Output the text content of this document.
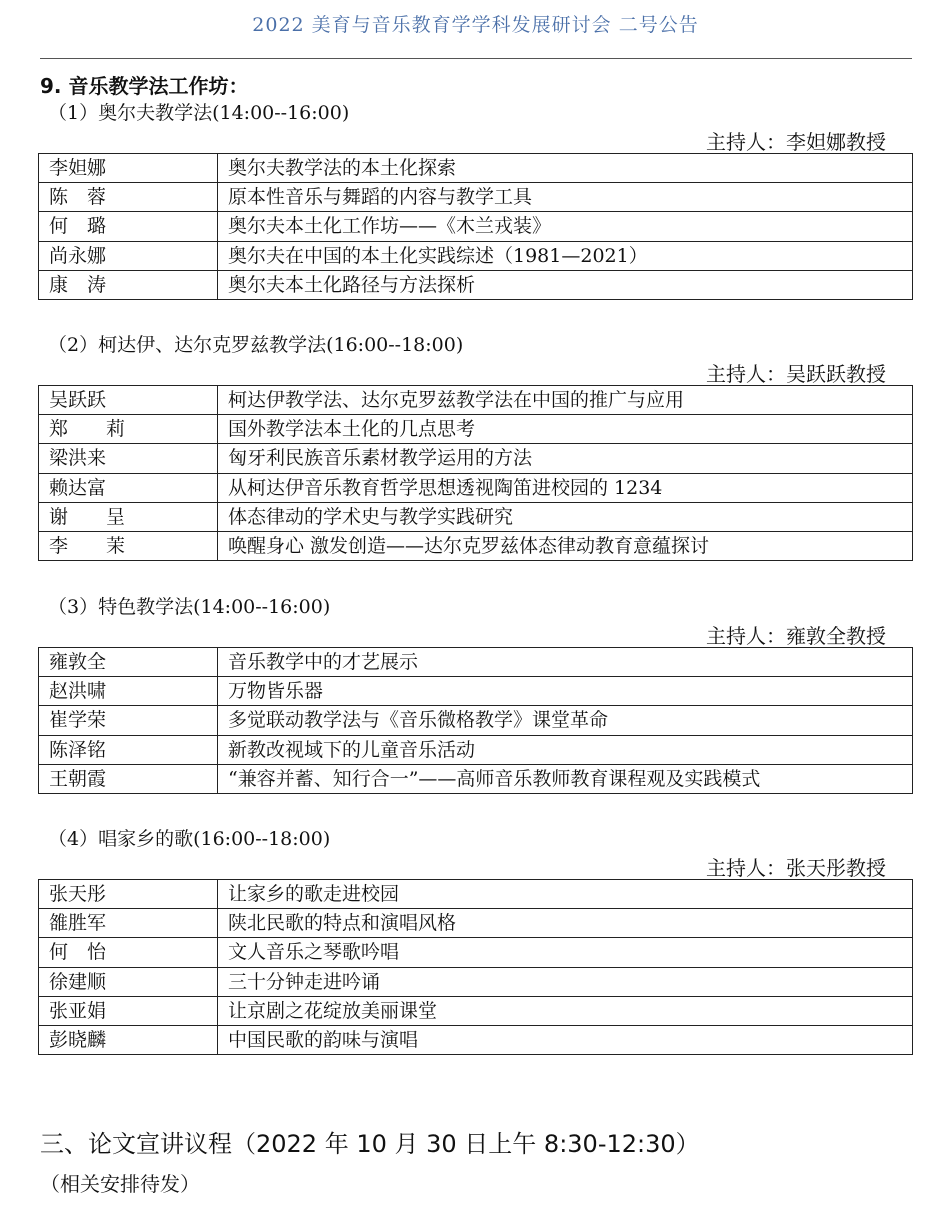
2022 美育与音乐教育学学科发展研讨会 二号公告
9. 音乐教学法工作坊：
（1）奥尔夫教学法(14:00--16:00)
主持人：李妲娜教授
李妲娜	奥尔夫教学法的本土化探索
陈　蓉	原本性音乐与舞蹈的内容与教学工具
何　璐	奥尔夫本土化工作坊——《木兰戎装》
尚永娜	奥尔夫在中国的本土化实践综述（1981—2021）
康　涛	奥尔夫本土化路径与方法探析
（2）柯达伊、达尔克罗兹教学法(16:00--18:00)
主持人：吴跃跃教授
吴跃跃	柯达伊教学法、达尔克罗兹教学法在中国的推广与应用
郑　　莉	国外教学法本土化的几点思考
梁洪来	匈牙利民族音乐素材教学运用的方法
赖达富	从柯达伊音乐教育哲学思想透视陶笛进校园的 1234
谢　　呈	体态律动的学术史与教学实践研究
李　　茉	唤醒身心 激发创造——达尔克罗兹体态律动教育意蕴探讨
（3）特色教学法(14:00--16:00)
主持人：雍敦全教授
雍敦全	音乐教学中的才艺展示
赵洪啸	万物皆乐器
崔学荣	多觉联动教学法与《音乐微格教学》课堂革命
陈泽铭	新教改视域下的儿童音乐活动
王朝霞	“兼容并蓄、知行合一”——高师音乐教师教育课程观及实践模式
（4）唱家乡的歌(16:00--18:00)
主持人：张天彤教授
张天彤	让家乡的歌走进校园
雒胜军	陕北民歌的特点和演唱风格
何　怡	文人音乐之琴歌吟唱
徐建顺	三十分钟走进吟诵
张亚娟	让京剧之花绽放美丽课堂
彭晓麟	中国民歌的韵味与演唱
三、论文宣讲议程（2022 年 10 月 30 日上午 8:30-12:30）
（相关安排待发）
